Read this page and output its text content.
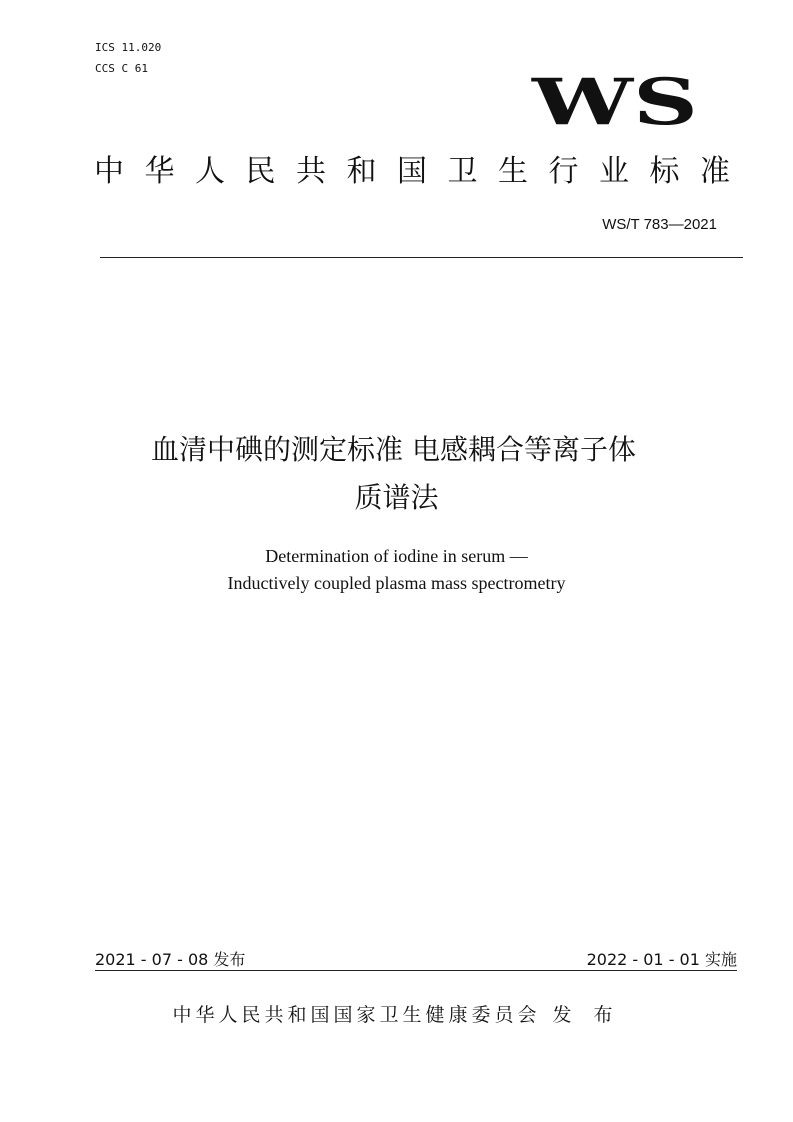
ICS 11.020
CCS C 61	WS
中华人民共和国卫生行业标准
WS/T 783—2021
血清中碘的测定标准 电感耦合等离子体
质谱法
Determination of iodine in serum —
Inductively coupled plasma mass spectrometry
2021 - 07 - 08 发布	2022 - 01 - 01 实施
中华人民共和国国家卫生健康委员会 发 布
